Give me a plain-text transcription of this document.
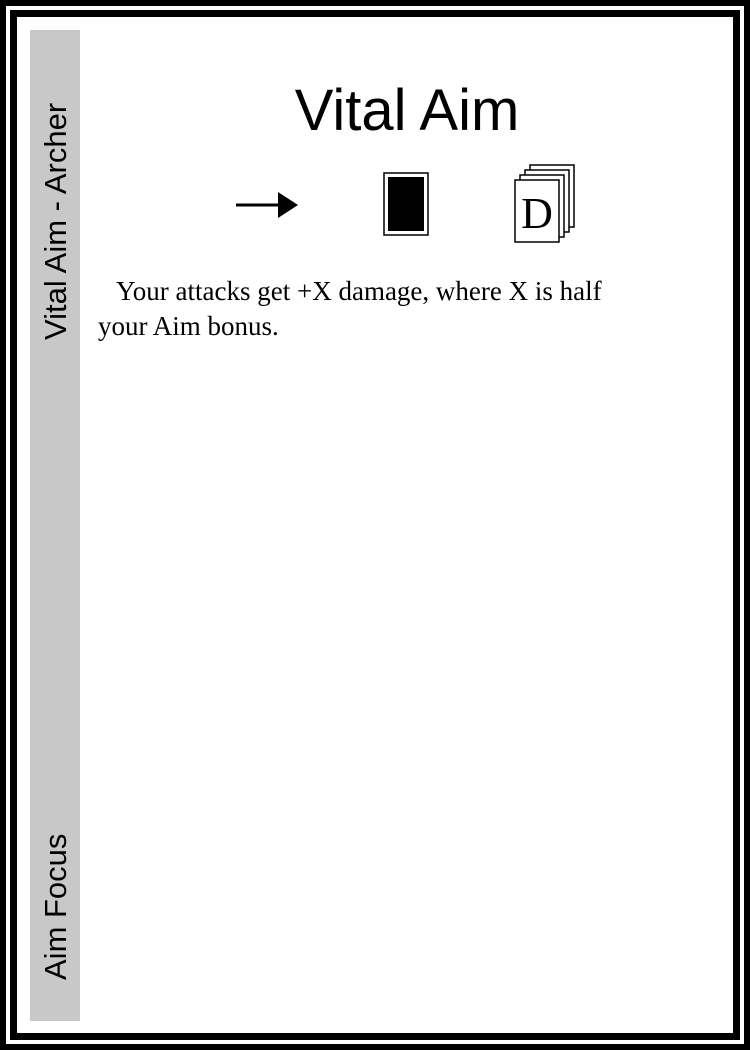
Vital Aim - Archer
Aim Focus
Vital Aim
D
Your attacks get +X damage, where X is half
your Aim bonus.
